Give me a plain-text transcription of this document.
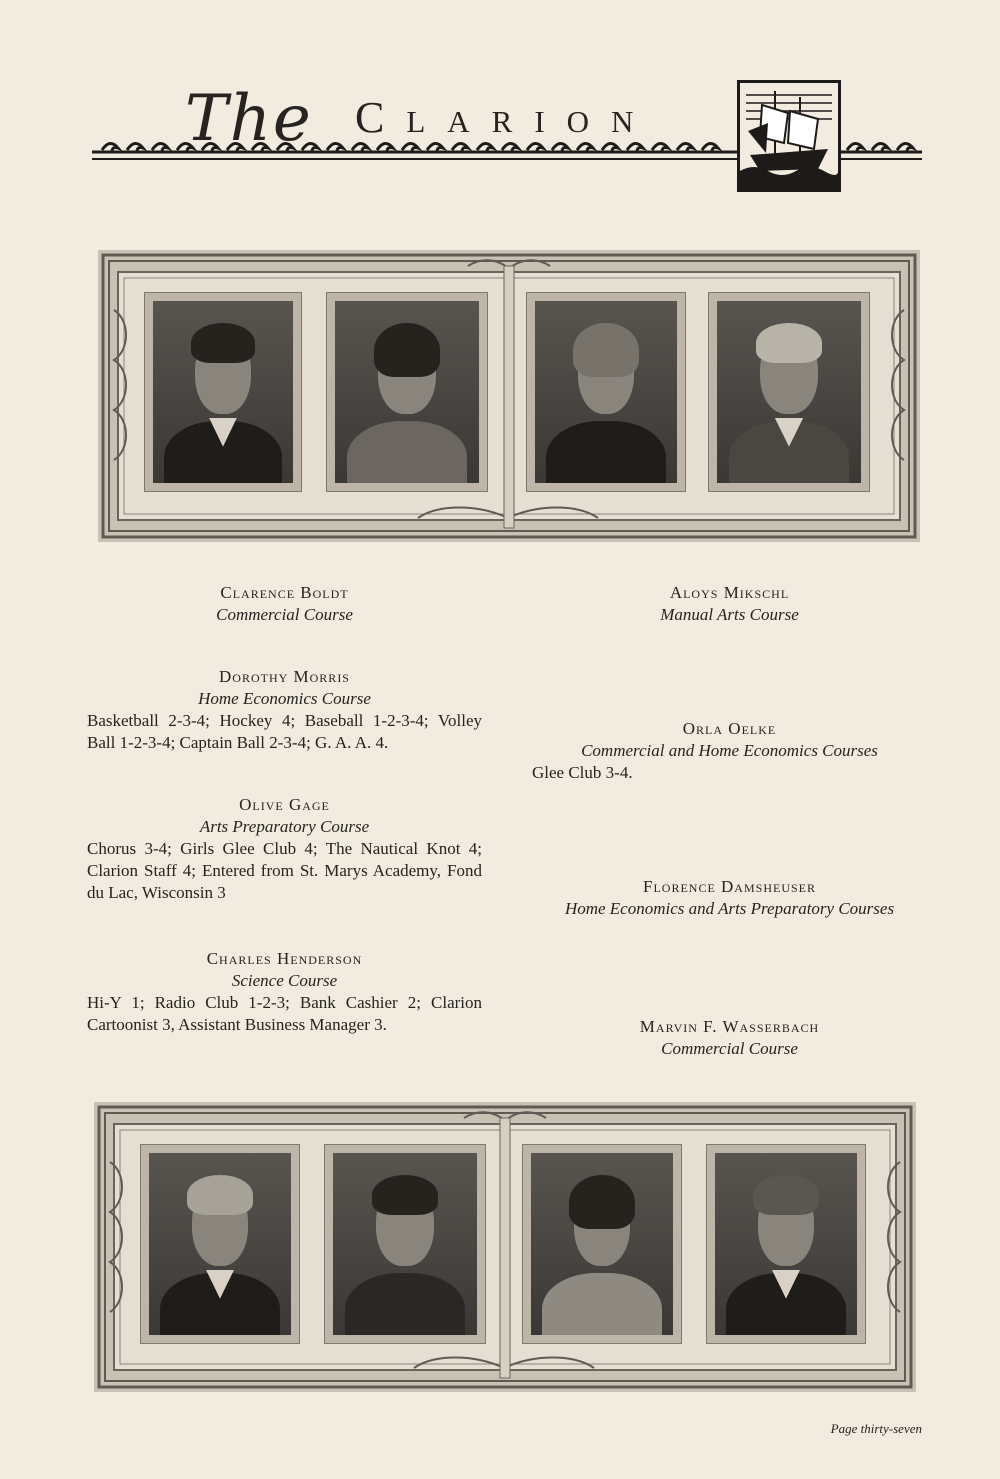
The Clarion
Clarence Boldt
Commercial Course
Dorothy Morris
Home Economics Course
Basketball 2-3-4; Hockey 4; Baseball 1-2-3-4; Volley Ball 1-2-3-4; Captain Ball 2-3-4; G. A. A. 4.
Olive Gage
Arts Preparatory Course
Chorus 3-4; Girls Glee Club 4; The Nautical Knot 4; Clarion Staff 4; Entered from St. Marys Academy, Fond du Lac, Wisconsin 3
Charles Henderson
Science Course
Hi-Y 1; Radio Club 1-2-3; Bank Cashier 2; Clarion Cartoonist 3, Assistant Business Manager 3.
Aloys Mikschl
Manual Arts Course
Orla Oelke
Commercial and Home Economics Courses
Glee Club 3-4.
Florence Damsheuser
Home Economics and Arts Preparatory Courses
Marvin F. Wasserbach
Commercial Course
Page thirty-seven
